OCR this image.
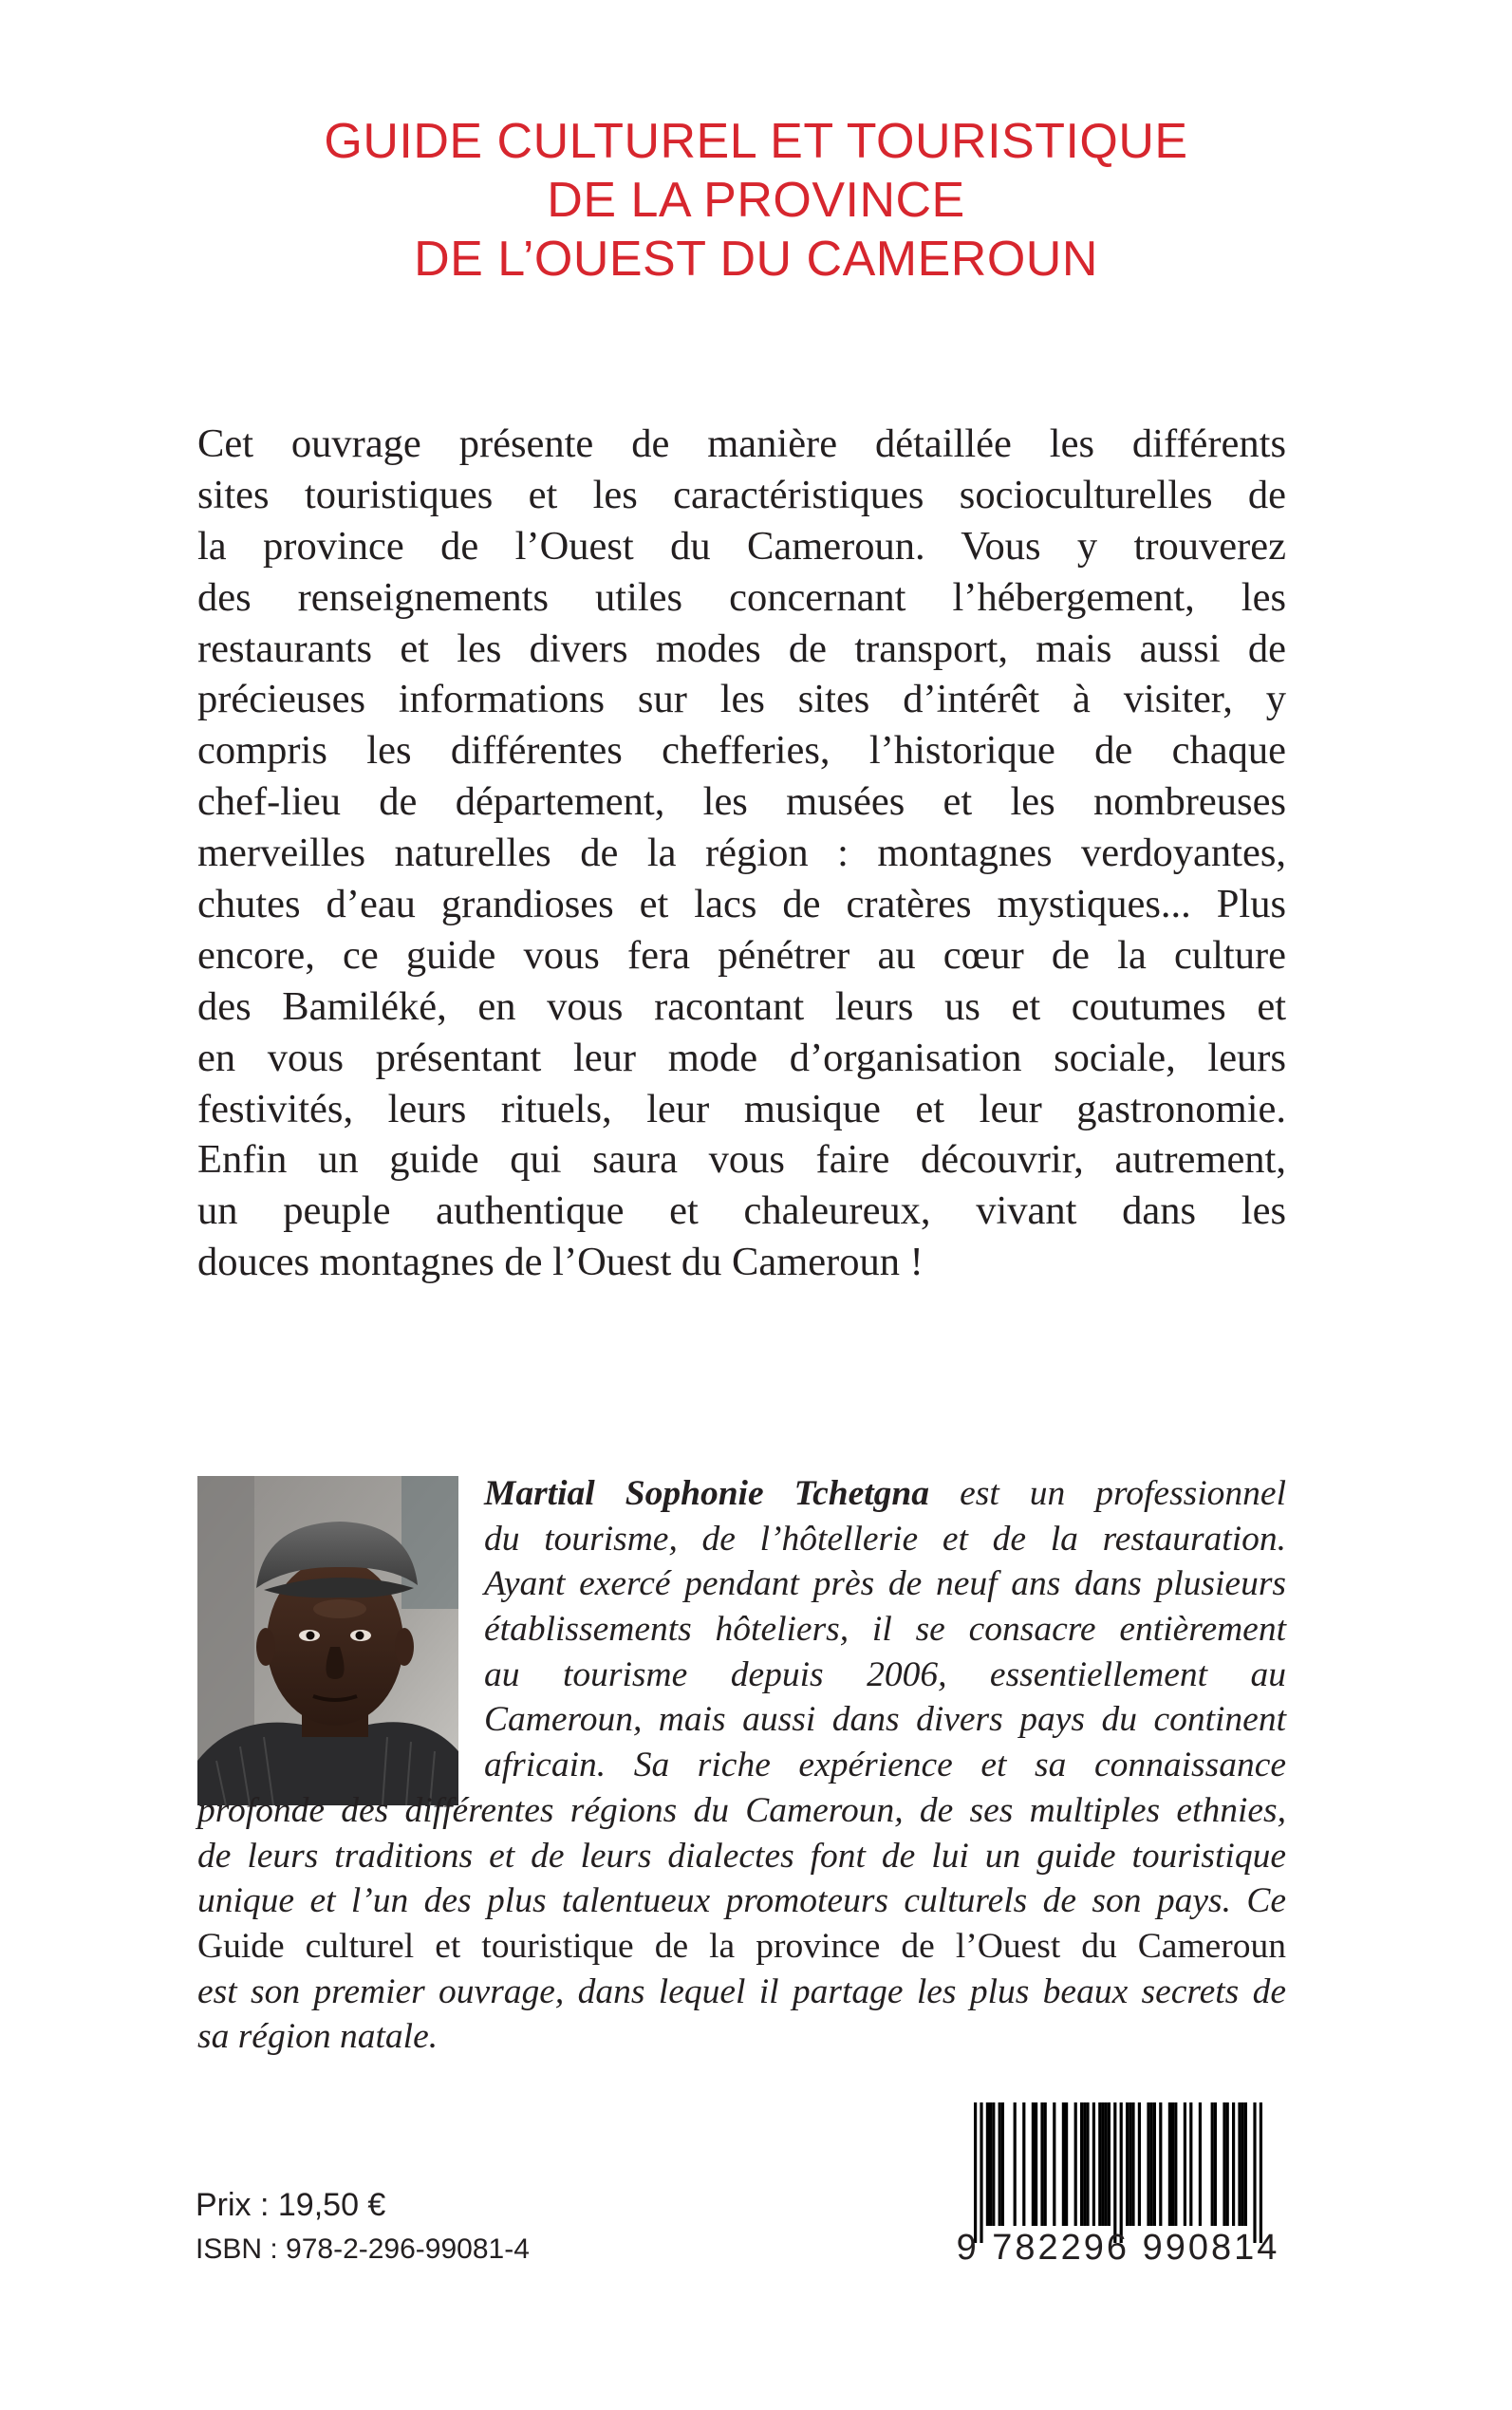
GUIDE CULTUREL ET TOURISTIQUE
DE LA PROVINCE
DE L’OUEST DU CAMEROUN
Cet ouvrage présente de manière détaillée les différents
sites touristiques et les caractéristiques socioculturelles de
la province de l’Ouest du Cameroun. Vous y trouverez
des renseignements utiles concernant l’hébergement, les
restaurants et les divers modes de transport, mais aussi de
précieuses informations sur les sites d’intérêt à visiter, y
compris les différentes chefferies, l’historique de chaque
chef-lieu de département, les musées et les nombreuses
merveilles naturelles de la région : montagnes verdoyantes,
chutes d’eau grandioses et lacs de cratères mystiques... Plus
encore, ce guide vous fera pénétrer au cœur de la culture
des Bamiléké, en vous racontant leurs us et coutumes et
en vous présentant leur mode d’organisation sociale, leurs
festivités, leurs rituels, leur musique et leur gastronomie.
Enfin un guide qui saura vous faire découvrir, autrement,
un peuple authentique et chaleureux, vivant dans les
douces montagnes de l’Ouest du Cameroun !
Martial Sophonie Tchetgna est un professionnel
du tourisme, de l’hôtellerie et de la restauration.
Ayant exercé pendant près de neuf ans dans plusieurs
établissements hôteliers, il se consacre entièrement
au tourisme depuis 2006, essentiellement au
Cameroun, mais aussi dans divers pays du continent
africain. Sa riche expérience et sa connaissance
profonde des différentes régions du Cameroun, de ses multiples ethnies,
de leurs traditions et de leurs dialectes font de lui un guide touristique
unique et l’un des plus talentueux promoteurs culturels de son pays. Ce
Guide culturel et touristique de la province de l’Ouest du Cameroun
est son premier ouvrage, dans lequel il partage les plus beaux secrets de
sa région natale.
Prix : 19,50 €
ISBN : 978-2-296-99081-4	9 782296 990814
